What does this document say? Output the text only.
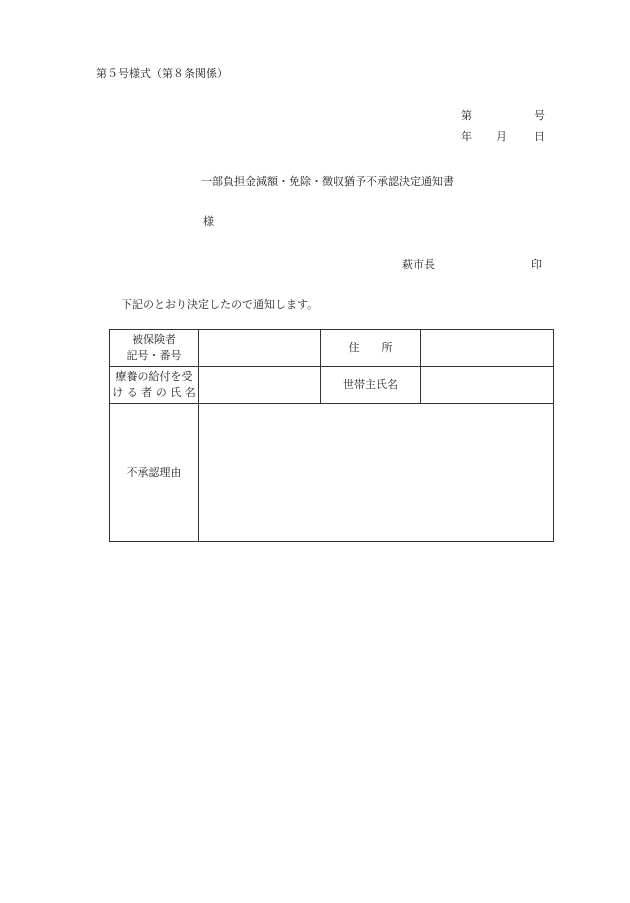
第５号様式（第８条関係）
第	号
年 月 日
一部負担金減額・免除・徴収猶予不承認決定通知書
様
萩市長	印
下記のとおり決定したので通知します。
被保険者
記号・番号		住　　所	

療養の給付を受
け る 者 の 氏 名		世帯主氏名	
不承認理由			
